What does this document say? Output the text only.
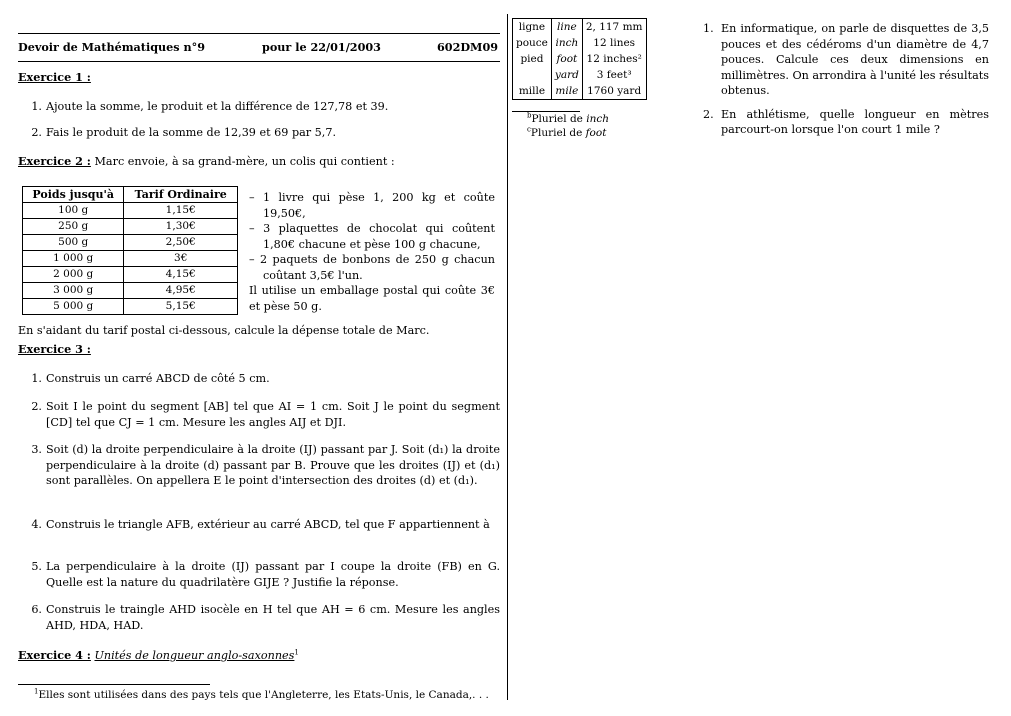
Devoir de Mathématiques n°9	pour le 22/01/2003	602DM09
Exercice 1 :
1. Ajoute la somme, le produit et la différence de 127,78 et 39.
2. Fais le produit de la somme de 12,39 et 69 par 5,7.
Exercice 2 : Marc envoie, à sa grand-mère, un colis qui contient :
Poids jusqu'à	Tarif Ordinaire
100 g	1,15€
250 g	1,30€
500 g	2,50€
1 000 g	3€
2 000 g	4,15€
3 000 g	4,95€
5 000 g	5,15€
– 1 livre qui pèse 1, 200 kg et coûte 19,50€,
– 3 plaquettes de chocolat qui coûtent 1,80€ chacune et pèse 100 g chacune,
– 2 paquets de bonbons de 250 g chacun coûtant 3,5€ l'un.
Il utilise un emballage postal qui coûte 3€ et pèse 50 g.
En s'aidant du tarif postal ci-dessous, calcule la dépense totale de Marc.
Exercice 3 :
1. Construis un carré ABCD de côté 5 cm.
2. Soit I le point du segment [AB] tel que AI = 1 cm. Soit J le point du segment [CD] tel que CJ = 1 cm. Mesure les angles AIJ et DJI.
3. Soit (d) la droite perpendiculaire à la droite (IJ) passant par J. Soit (d₁) la droite perpendiculaire à la droite (d) passant par B. Prouve que les droites (IJ) et (d₁) sont parallèles. On appellera E le point d'intersection des droites (d) et (d₁).
4. Construis le triangle AFB, extérieur au carré ABCD, tel que F appartiennent à
5. La perpendiculaire à la droite (IJ) passant par I coupe la droite (FB) en G. Quelle est la nature du quadrilatère GIJE ? Justifie la réponse.
6. Construis le traingle AHD isocèle en H tel que AH = 6 cm. Mesure les angles AHD, HDA, HAD.
Exercice 4 : Unités de longueur anglo-saxonnes$^1$
$^1$Elles sont utilisées dans des pays tels que l'Angleterre, les Etats-Unis, le Canada,. . .
ligne	line	2, 117 mm
pouce	inch	12 lines
pied	foot	12 inches²
	yard	3 feet³
mille	mile	1760 yard
$^b$Pluriel de inch
$^c$Pluriel de foot
1. En informatique, on parle de disquettes de 3,5 pouces et des cédéroms d'un diamètre de 4,7 pouces. Calcule ces deux dimensions en millimètres. On arrondira à l'unité les résultats obtenus.
2. En athlétisme, quelle longueur en mètres parcourt-on lorsque l'on court 1 mile ?
